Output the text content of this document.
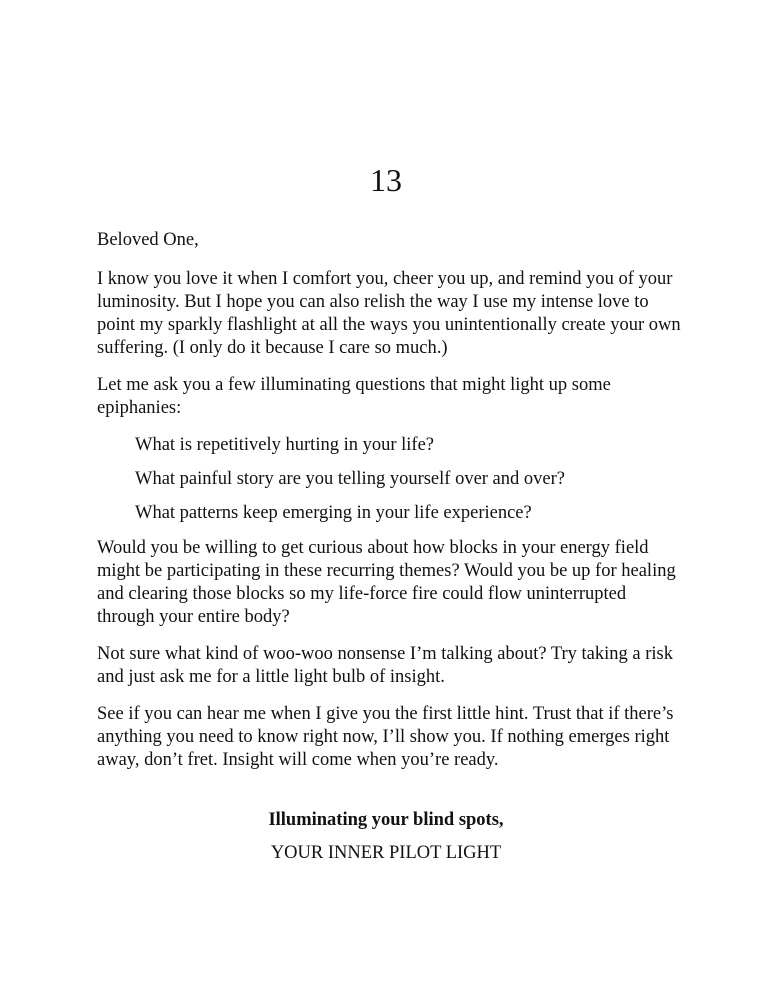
13

Beloved One,

I know you love it when I comfort you, cheer you up, and remind you of your luminosity. But I hope you can also relish the way I use my intense love to point my sparkly flashlight at all the ways you unintentionally create your own suffering. (I only do it because I care so much.)

Let me ask you a few illuminating questions that might light up some epiphanies:

What is repetitively hurting in your life?
What painful story are you telling yourself over and over?
What patterns keep emerging in your life experience?

Would you be willing to get curious about how blocks in your energy field might be participating in these recurring themes? Would you be up for healing and clearing those blocks so my life-force fire could flow uninterrupted through your entire body?

Not sure what kind of woo-woo nonsense I’m talking about? Try taking a risk and just ask me for a little light bulb of insight.

See if you can hear me when I give you the first little hint. Trust that if there’s anything you need to know right now, I’ll show you. If nothing emerges right away, don’t fret. Insight will come when you’re ready.

Illuminating your blind spots,
YOUR INNER PILOT LIGHT
